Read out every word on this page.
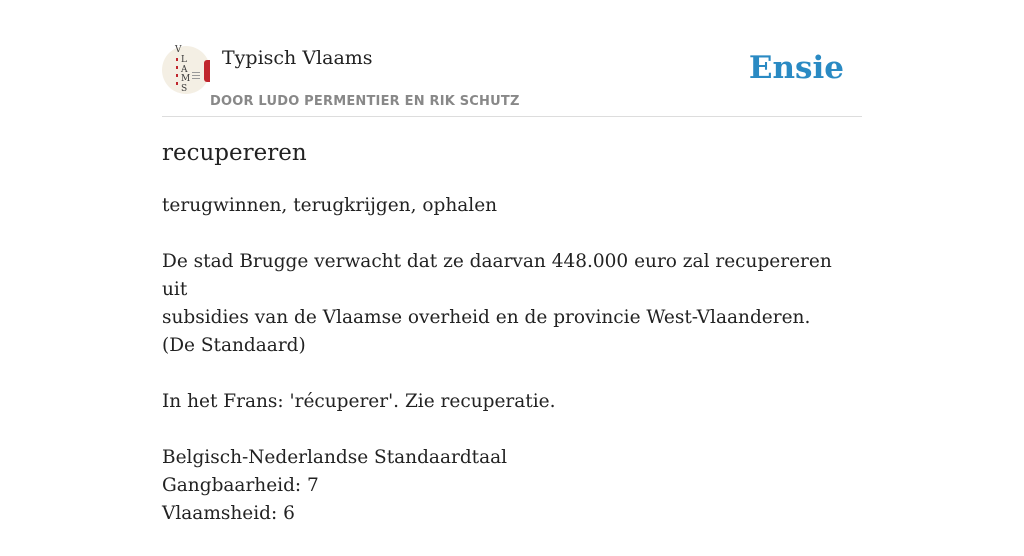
V
L
A
M
S
Typisch Vlaams
DOOR LUDO PERMENTIER EN RIK SCHUTZ
Ensie
recupereren

terugwinnen, terugkrijgen, ophalen

De stad Brugge verwacht dat ze daarvan 448.000 euro zal recupereren uit
subsidies van de Vlaamse overheid en de provincie West-Vlaanderen.
(De Standaard)

In het Frans: 'récuperer'. Zie recuperatie.

Belgisch-Nederlandse Standaardtaal
Gangbaarheid: 7
Vlaamsheid: 6
